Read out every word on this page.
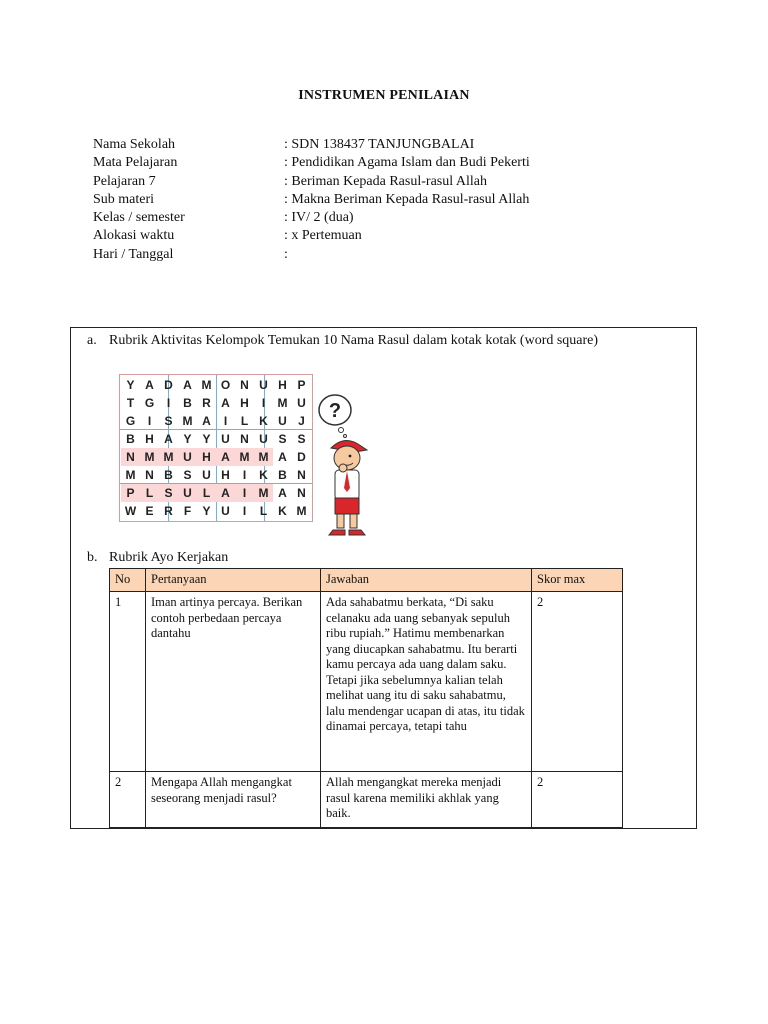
INSTRUMEN PENILAIAN
Nama Sekolah	: SDN 138437 TANJUNGBALAI
Mata Pelajaran	: Pendidikan Agama Islam dan Budi Pekerti
Pelajaran 7	: Beriman Kepada Rasul-rasul Allah
Sub materi	: Makna Beriman Kepada Rasul-rasul Allah
Kelas / semester	: IV/ 2 (dua)
Alokasi waktu	: x Pertemuan
Hari / Tanggal	:
a. Rubrik Aktivitas Kelompok Temukan 10 Nama Rasul dalam kotak kotak (word square)
Y A D A M O N U H P
T G	I	B R A H	I	M U
G	I	S M A	I	L K U J
B H A Y Y U N U S S
N M M U H A M M A D
M N B S U H	I	K B N
P L S U L A	I	M A N
W E R F Y U	I	L K M
?
b. Rubrik Ayo Kerjakan
No	Pertanyaan	Jawaban	Skor max
1	Iman artinya percaya. Berikan contoh perbedaan percaya dantahu	Ada sahabatmu berkata, “Di saku celanaku ada uang sebanyak sepuluh ribu rupiah.” Hatimu membenarkan yang diucapkan sahabatmu. Itu berarti kamu percaya ada uang dalam saku. Tetapi jika sebelumnya kalian telah melihat uang itu di saku sahabatmu, lalu mendengar ucapan di atas, itu tidak dinamai percaya, tetapi tahu	2
2	Mengapa Allah mengangkat seseorang menjadi rasul?	Allah mengangkat mereka menjadi rasul karena memiliki akhlak yang baik.	2
